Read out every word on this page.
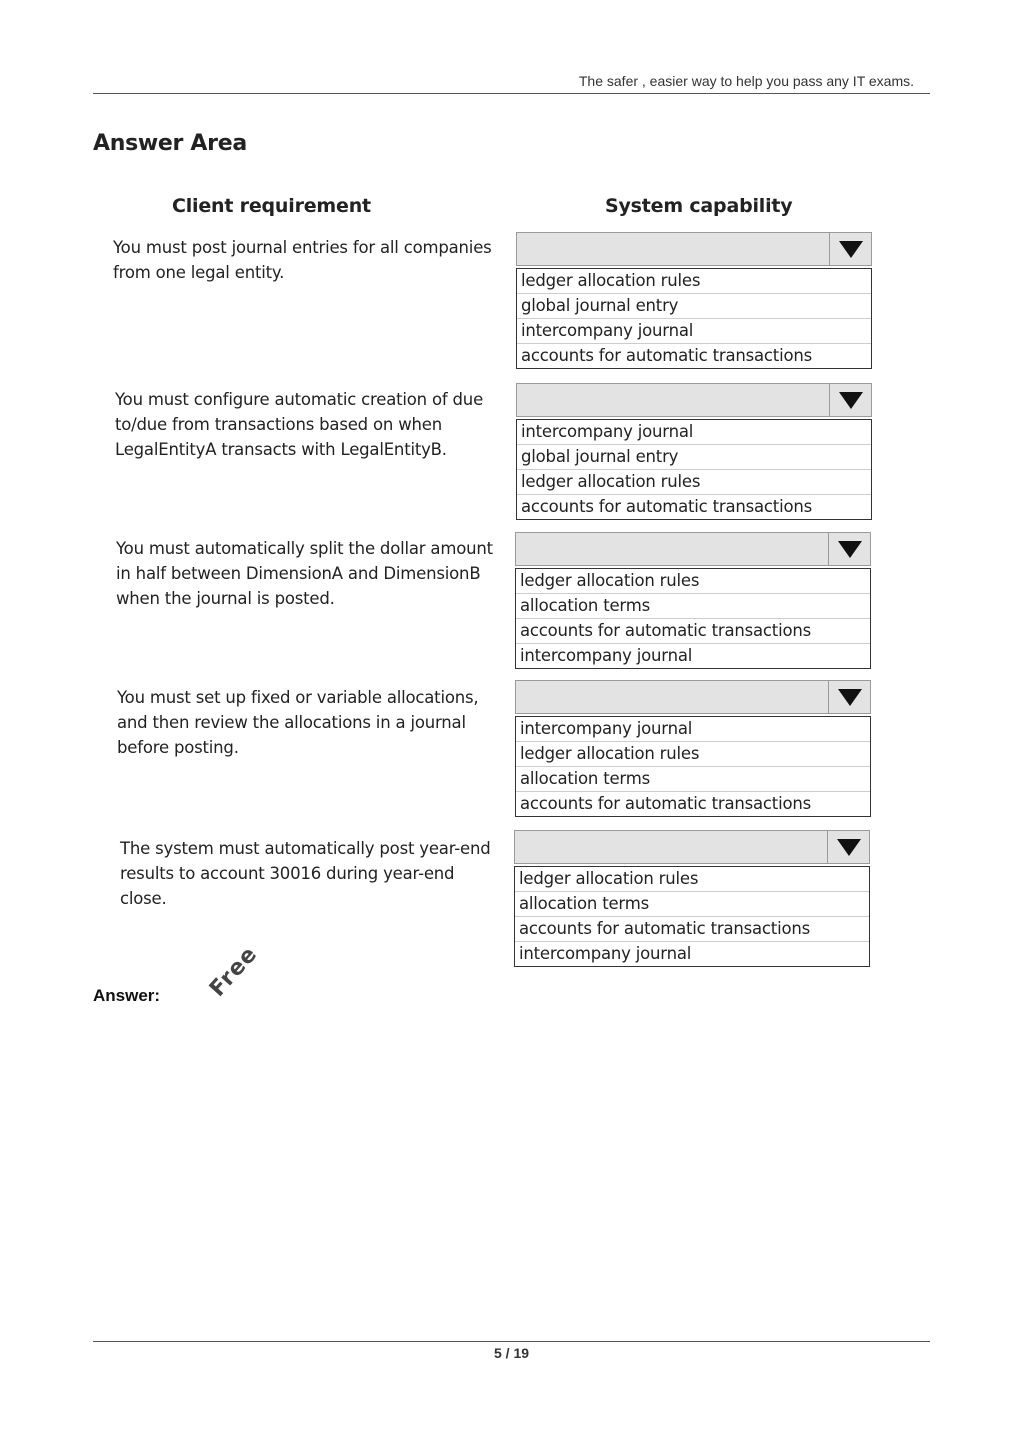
The safer , easier way to help you pass any IT exams.
Answer Area
Client requirement	System capability
You must post journal entries for all companies
from one legal entity.	ledger allocation rules
global journal entry
intercompany journal
accounts for automatic transactions
You must configure automatic creation of due
to/due from transactions based on when
LegalEntityA transacts with LegalEntityB.
intercompany journal
global journal entry
ledger allocation rules
accounts for automatic transactions
You must automatically split the dollar amount
in half between DimensionA and DimensionB
when the journal is posted.
ledger allocation rules
allocation terms
accounts for automatic transactions
intercompany journal
You must set up fixed or variable allocations,
and then review the allocations in a journal
before posting.
intercompany journal
ledger allocation rules
allocation terms
accounts for automatic transactions
The system must automatically post year-end
results to account 30016 during year-end
close.
ledger allocation rules
allocation terms
accounts for automatic transactions
intercompany journal
Answer: Free
5 / 19
